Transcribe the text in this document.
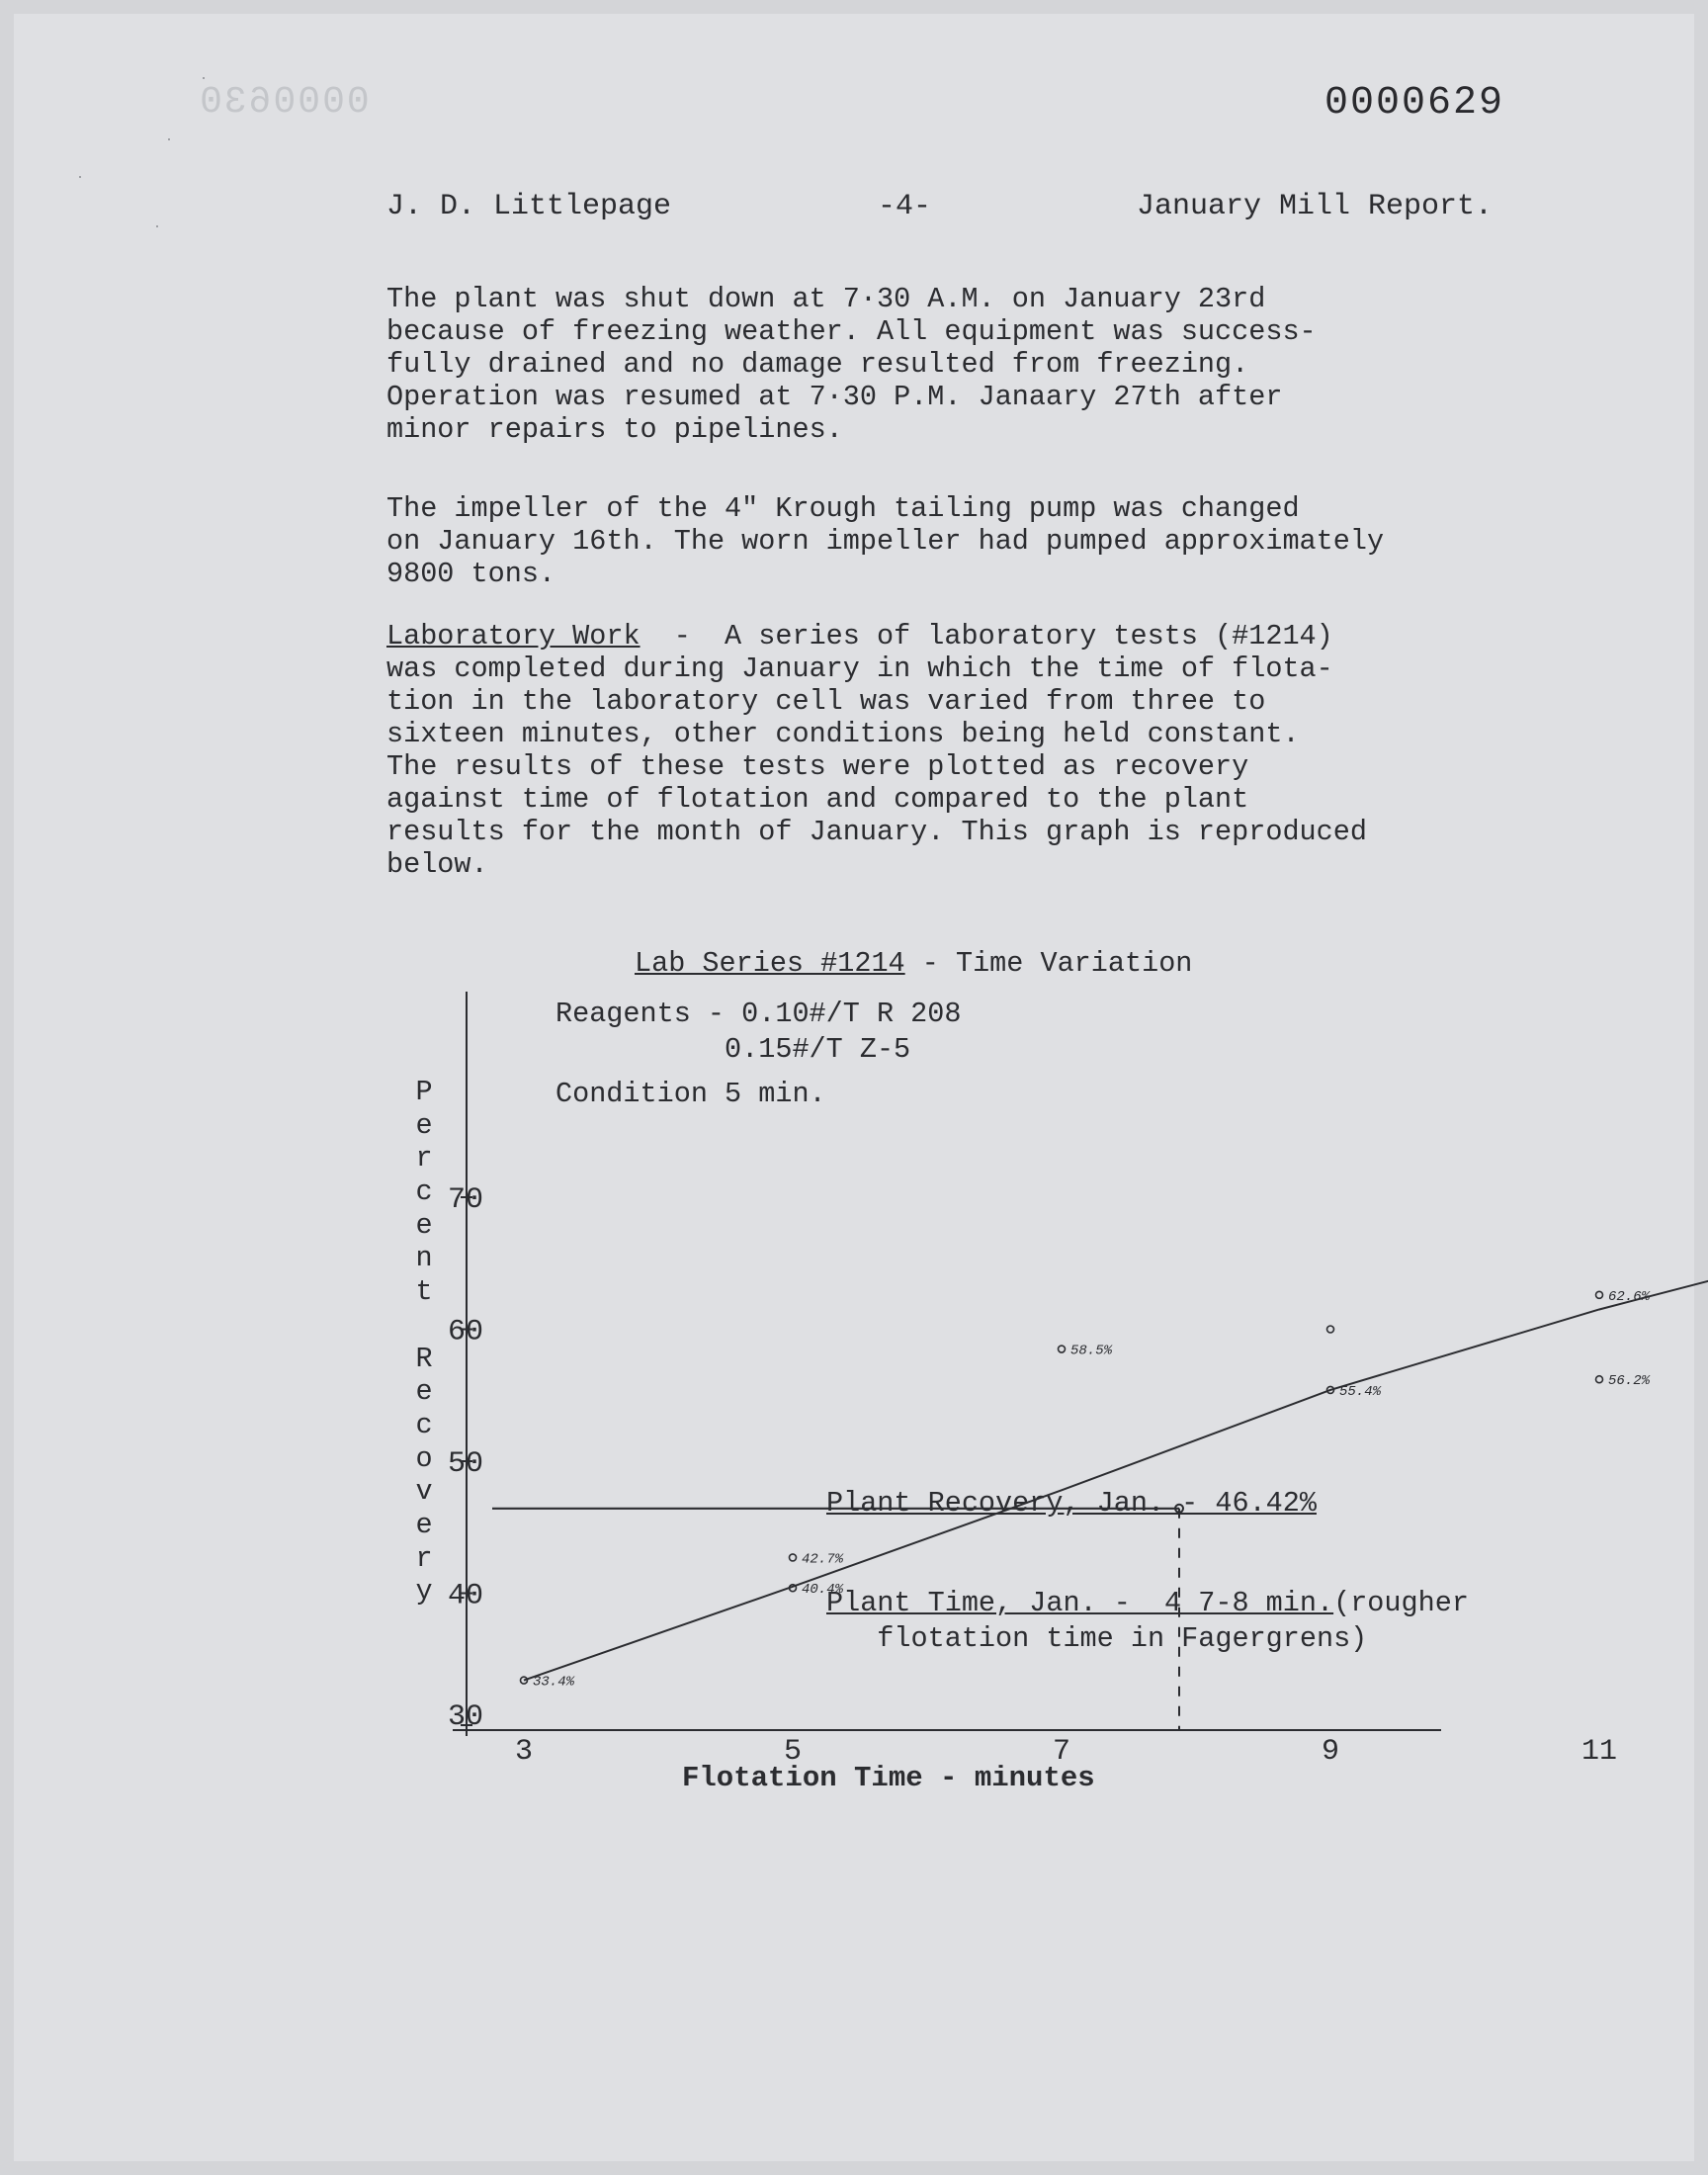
0000630	0000629
J. D. Littlepage	-4-	January Mill Report.

The plant was shut down at 7·30 A.M. on January 23rd
because of freezing weather. All equipment was success-
fully drained and no damage resulted from freezing.
Operation was resumed at 7·30 P.M. Janaary 27th after
minor repairs to pipelines.

The impeller of the 4" Krough tailing pump was changed
on January 16th. The worn impeller had pumped approximately
9800 tons.

Laboratory Work  -  A series of laboratory tests (#1214)
was completed during January in which the time of flota-
tion in the laboratory cell was varied from three to
sixteen minutes, other conditions being held constant.
The results of these tests were plotted as recovery
against time of flotation and compared to the plant
results for the month of January. This graph is reproduced
below.

Lab Series #1214 - Time Variation
Reagents - 0.10#/T R 208
0.15#/T Z-5
Condition 5 min.
P
e
r
c
e
n
t

R
e
c
o
v
e
r
y
30
40
50
60
70
3	5	7	9	11
33.4%
40.4%
42.7%
58.5%
55.4%
56.2%
62.6%
Plant Recovery, Jan. - 46.42%
Plant Time, Jan. -  4 7-8 min.(rougher
flotation time in Fagergrens)
Flotation Time - minutes
